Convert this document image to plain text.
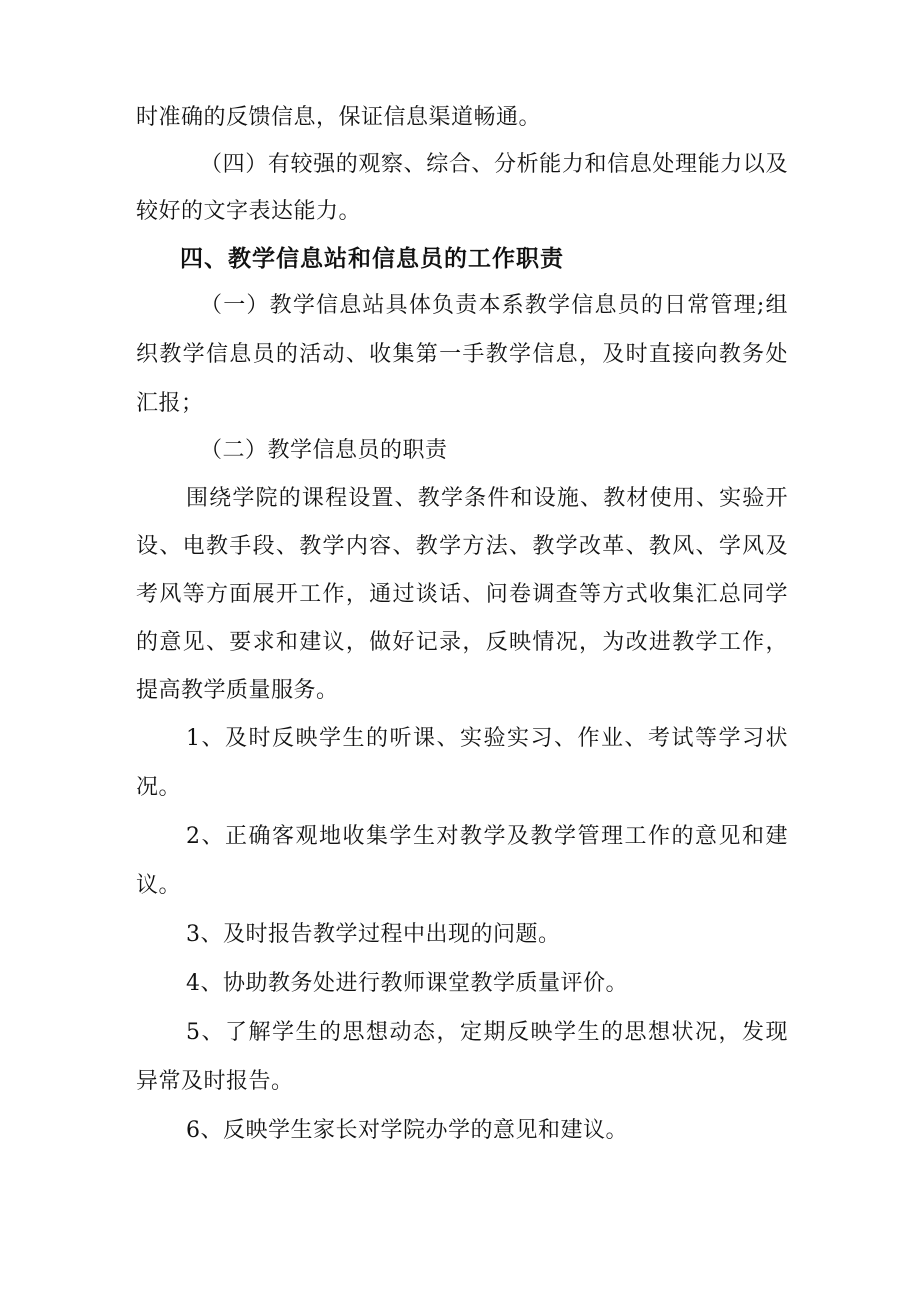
时准确的反馈信息，保证信息渠道畅通。
（四）有较强的观察、综合、分析能力和信息处理能力以及
较好的文字表达能力。
四、教学信息站和信息员的工作职责
（一）教学信息站具体负责本系教学信息员的日常管理;组
织教学信息员的活动、收集第一手教学信息，及时直接向教务处
汇报；
（二）教学信息员的职责
围绕学院的课程设置、教学条件和设施、教材使用、实验开
设、电教手段、教学内容、教学方法、教学改革、教风、学风及
考风等方面展开工作，通过谈话、问卷调查等方式收集汇总同学
的意见、要求和建议，做好记录，反映情况，为改进教学工作，
提高教学质量服务。
1、及时反映学生的听课、实验实习、作业、考试等学习状
况。
2、正确客观地收集学生对教学及教学管理工作的意见和建
议。
3、及时报告教学过程中出现的问题。
4、协助教务处进行教师课堂教学质量评价。
5、了解学生的思想动态，定期反映学生的思想状况，发现
异常及时报告。
6、反映学生家长对学院办学的意见和建议。
